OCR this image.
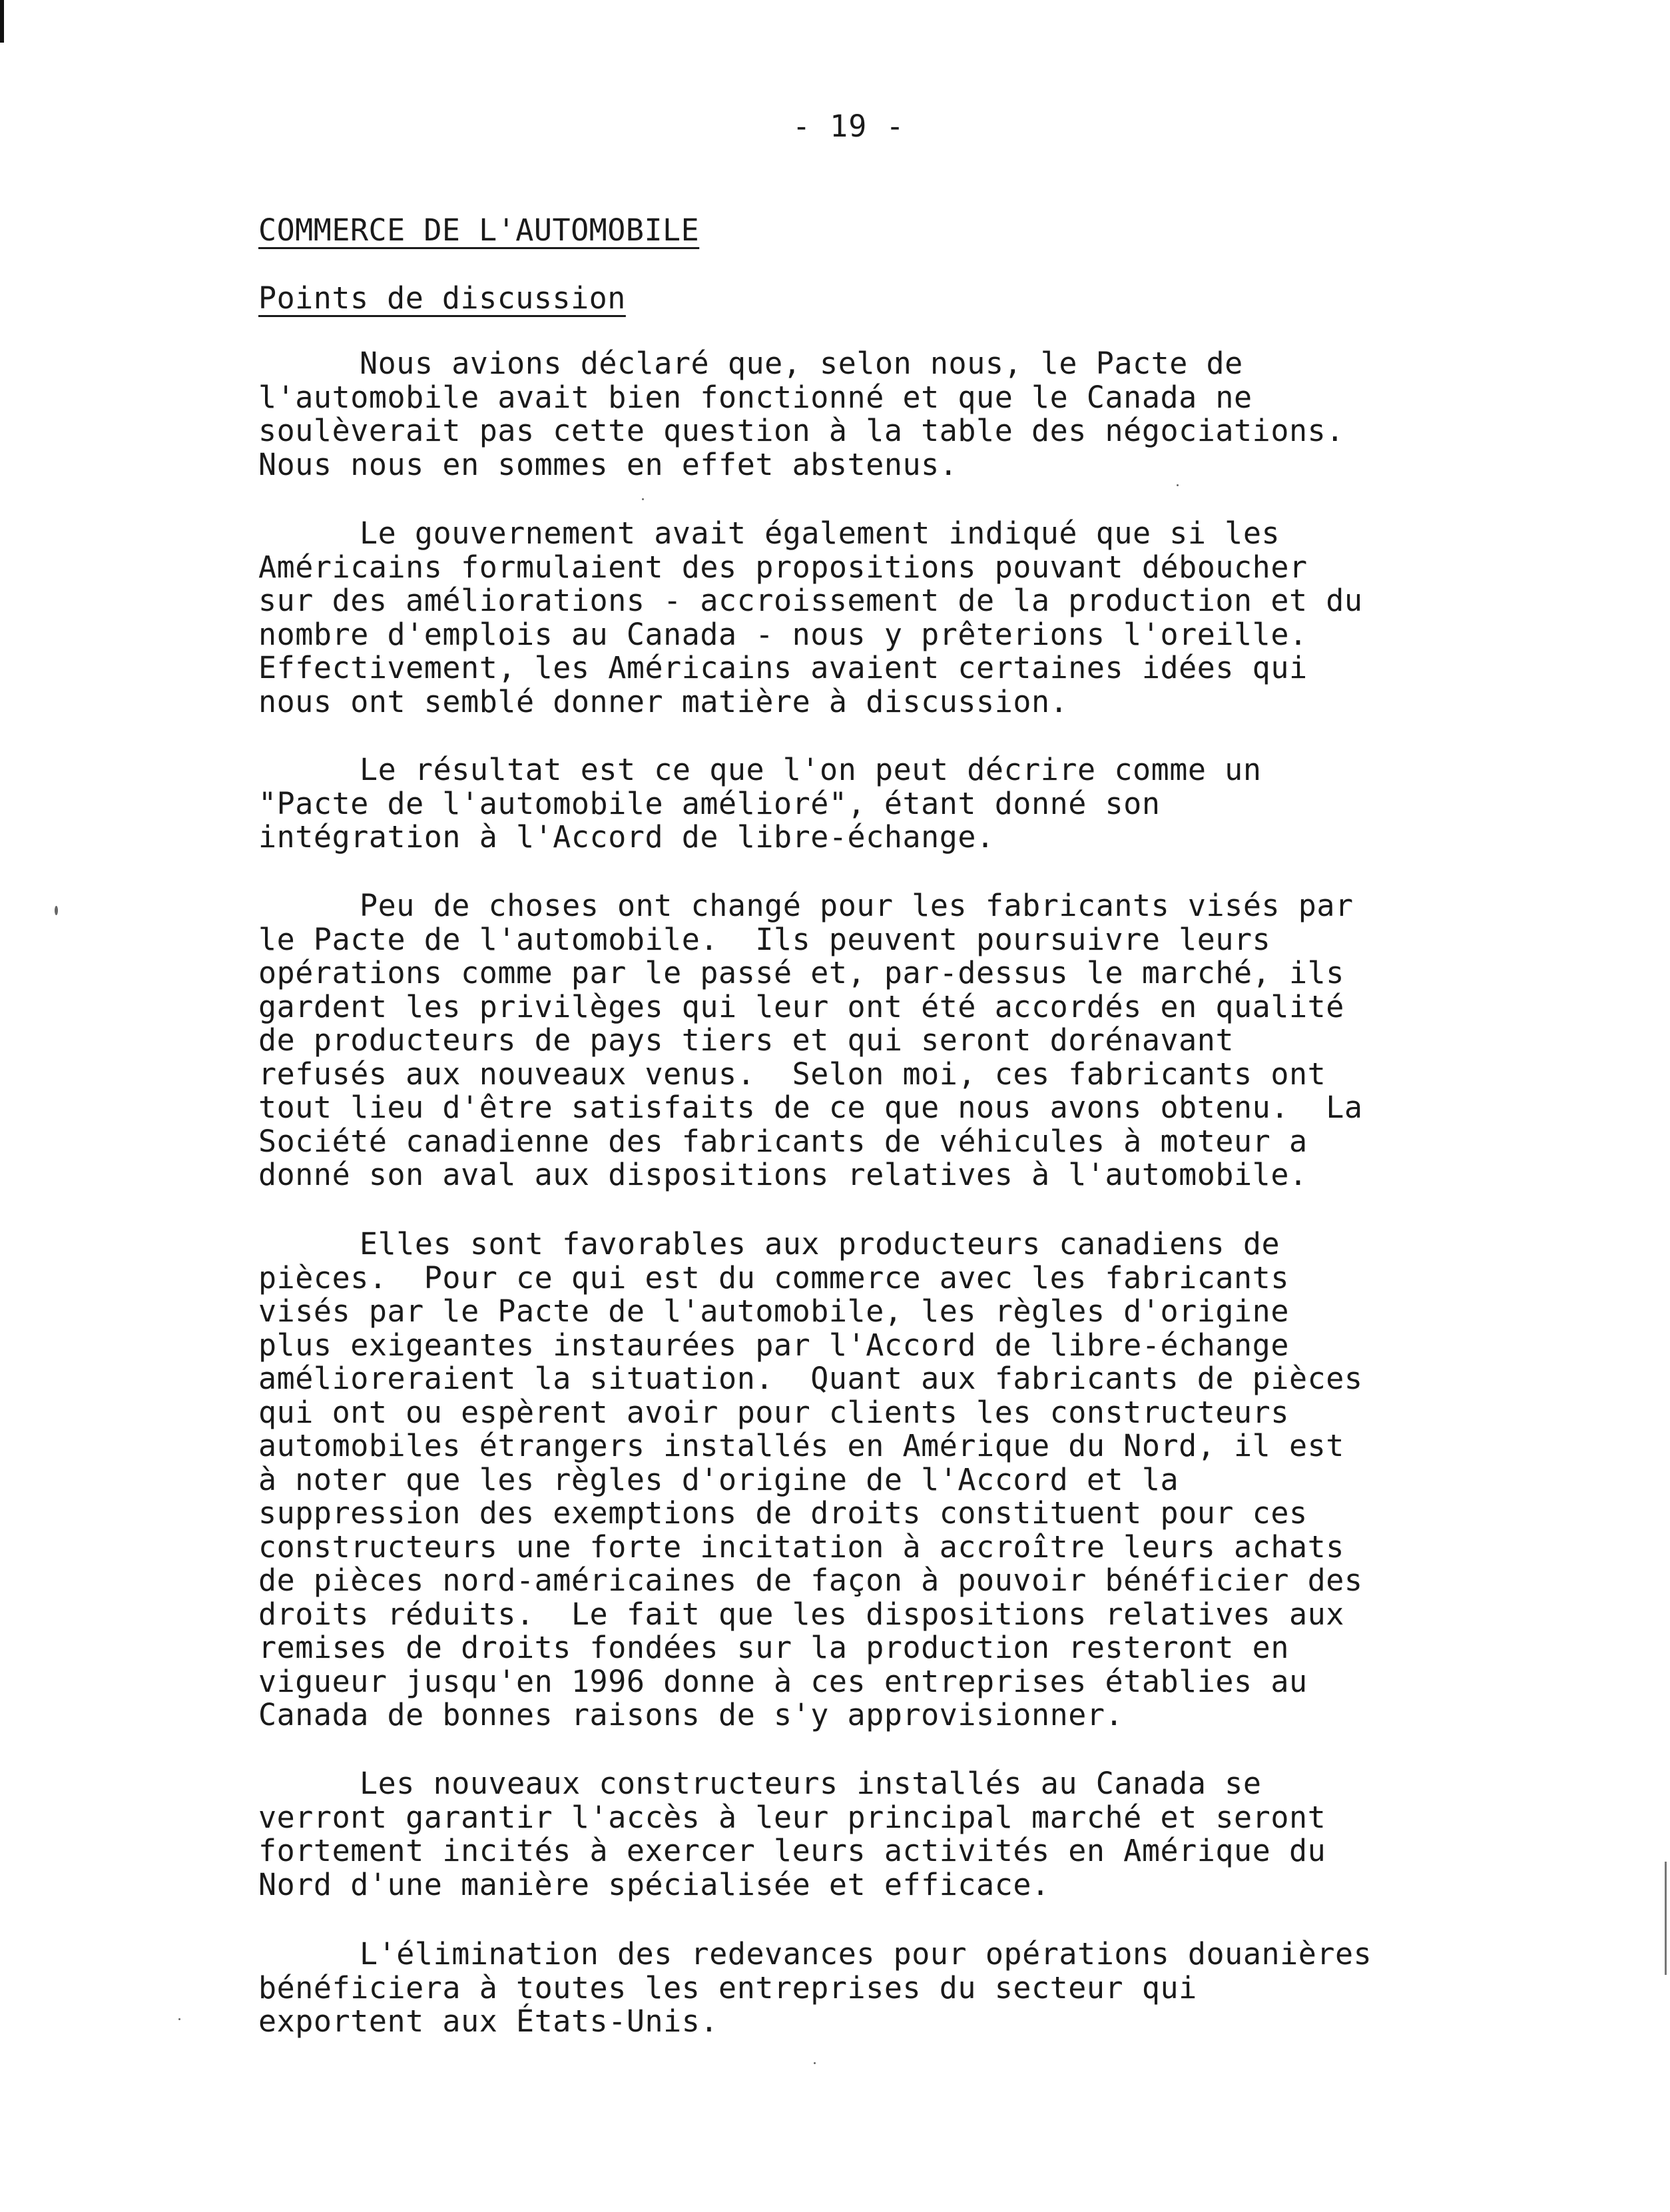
- 19 -
COMMERCE DE L'AUTOMOBILE
Points de discussion
Nous avions déclaré que, selon nous, le Pacte de
l'automobile avait bien fonctionné et que le Canada ne
soulèverait pas cette question à la table des négociations.
Nous nous en sommes en effet abstenus.
Le gouvernement avait également indiqué que si les
Américains formulaient des propositions pouvant déboucher
sur des améliorations - accroissement de la production et du
nombre d'emplois au Canada - nous y prêterions l'oreille.
Effectivement, les Américains avaient certaines idées qui
nous ont semblé donner matière à discussion.
Le résultat est ce que l'on peut décrire comme un
"Pacte de l'automobile amélioré", étant donné son
intégration à l'Accord de libre-échange.
Peu de choses ont changé pour les fabricants visés par
le Pacte de l'automobile.  Ils peuvent poursuivre leurs
opérations comme par le passé et, par-dessus le marché, ils
gardent les privilèges qui leur ont été accordés en qualité
de producteurs de pays tiers et qui seront dorénavant
refusés aux nouveaux venus.  Selon moi, ces fabricants ont
tout lieu d'être satisfaits de ce que nous avons obtenu.  La
Société canadienne des fabricants de véhicules à moteur a
donné son aval aux dispositions relatives à l'automobile.
Elles sont favorables aux producteurs canadiens de
pièces.  Pour ce qui est du commerce avec les fabricants
visés par le Pacte de l'automobile, les règles d'origine
plus exigeantes instaurées par l'Accord de libre-échange
amélioreraient la situation.  Quant aux fabricants de pièces
qui ont ou espèrent avoir pour clients les constructeurs
automobiles étrangers installés en Amérique du Nord, il est
à noter que les règles d'origine de l'Accord et la
suppression des exemptions de droits constituent pour ces
constructeurs une forte incitation à accroître leurs achats
de pièces nord-américaines de façon à pouvoir bénéficier des
droits réduits.  Le fait que les dispositions relatives aux
remises de droits fondées sur la production resteront en
vigueur jusqu'en 1996 donne à ces entreprises établies au
Canada de bonnes raisons de s'y approvisionner.
Les nouveaux constructeurs installés au Canada se
verront garantir l'accès à leur principal marché et seront
fortement incités à exercer leurs activités en Amérique du
Nord d'une manière spécialisée et efficace.
L'élimination des redevances pour opérations douanières
bénéficiera à toutes les entreprises du secteur qui
exportent aux États-Unis.
